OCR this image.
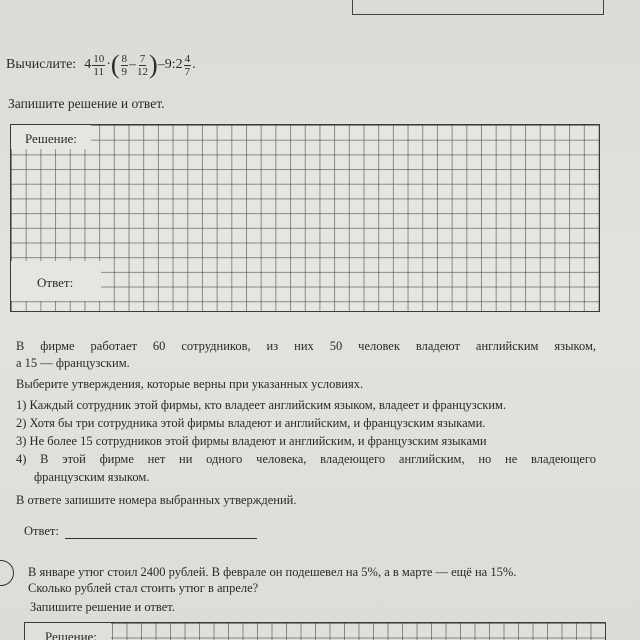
Вычислите: $4 \frac{10}{11}$ · ( $\frac{8}{9} - \frac{7}{12}$ ) –9:2 $\frac{4}{7}$ .
Запишите решение и ответ.
Решение:
Ответ:

В фирме работает 60 сотрудников, из них 50 человек владеют английским языком,

а 15 — французским.

Выберите утверждения, которые верны при указанных условиях.

1) Каждый сотрудник этой фирмы, кто владеет английским языком, владеет и французским.
2) Хотя бы три сотрудника этой фирмы владеют и английским, и французским языками.
3) Не более 15 сотрудников этой фирмы владеют и английским, и французским языками
4) В этой фирме нет ни одного человека, владеющего английским, но не владеющего
французским языком.

В ответе запишите номера выбранных утверждений.

Ответ:

В январе утюг стоил 2400 рублей. В феврале он подешевел на 5%, а в марте — ещё на 15%.

Сколько рублей стал стоить утюг в апреле?

Запишите решение и ответ.
Решение:
